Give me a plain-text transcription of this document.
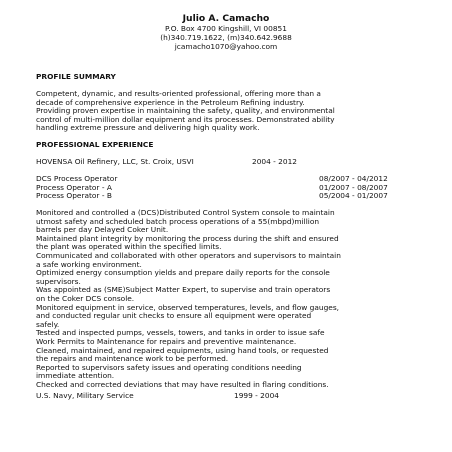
Julio A. Camacho
P.O. Box 4700 Kingshill, VI 00851
(h)340.719.1622, (m)340.642.9688
jcamacho1070@yahoo.com
PROFILE SUMMARY

Competent, dynamic, and results-oriented professional, offering more than a

decade of comprehensive experience in the Petroleum Refining industry.

Providing proven expertise in maintaining the safety, quality, and environmental

control of multi-million dollar equipment and its processes. Demonstrated ability

handling extreme pressure and delivering high quality work.

PROFESSIONAL EXPERIENCE
HOVENSA Oil Refinery, LLC, St. Croix, USVI	2004 - 2012
DCS Process Operator	08/2007 - 04/2012
Process Operator - A	01/2007 - 08/2007
Process Operator - B	05/2004 - 01/2007

Monitored and controlled a (DCS)Distributed Control System console to maintain

utmost safety and scheduled batch process operations of a 55(mbpd)million

barrels per day Delayed Coker Unit.

Maintained plant integrity by monitoring the process during the shift and ensured

the plant was operated within the specified limits.

Communicated and collaborated with other operators and supervisors to maintain

a safe working environment.

Optimized energy consumption yields and prepare daily reports for the console

supervisors.

Was appointed as (SME)Subject Matter Expert, to supervise and train operators

on the Coker DCS console.

Monitored equipment in service, observed temperatures, levels, and flow gauges,

and conducted regular unit checks to ensure all equipment were operated

safely.

Tested and inspected pumps, vessels, towers, and tanks in order to issue safe

Work Permits to Maintenance for repairs and preventive maintenance.

Cleaned, maintained, and repaired equipments, using hand tools, or requested

the repairs and maintenance work to be performed.

Reported to supervisors safety issues and operating conditions needing

immediate attention.

Checked and corrected deviations that may have resulted in flaring conditions.

U.S. Navy, Military Service	1999 - 2004
